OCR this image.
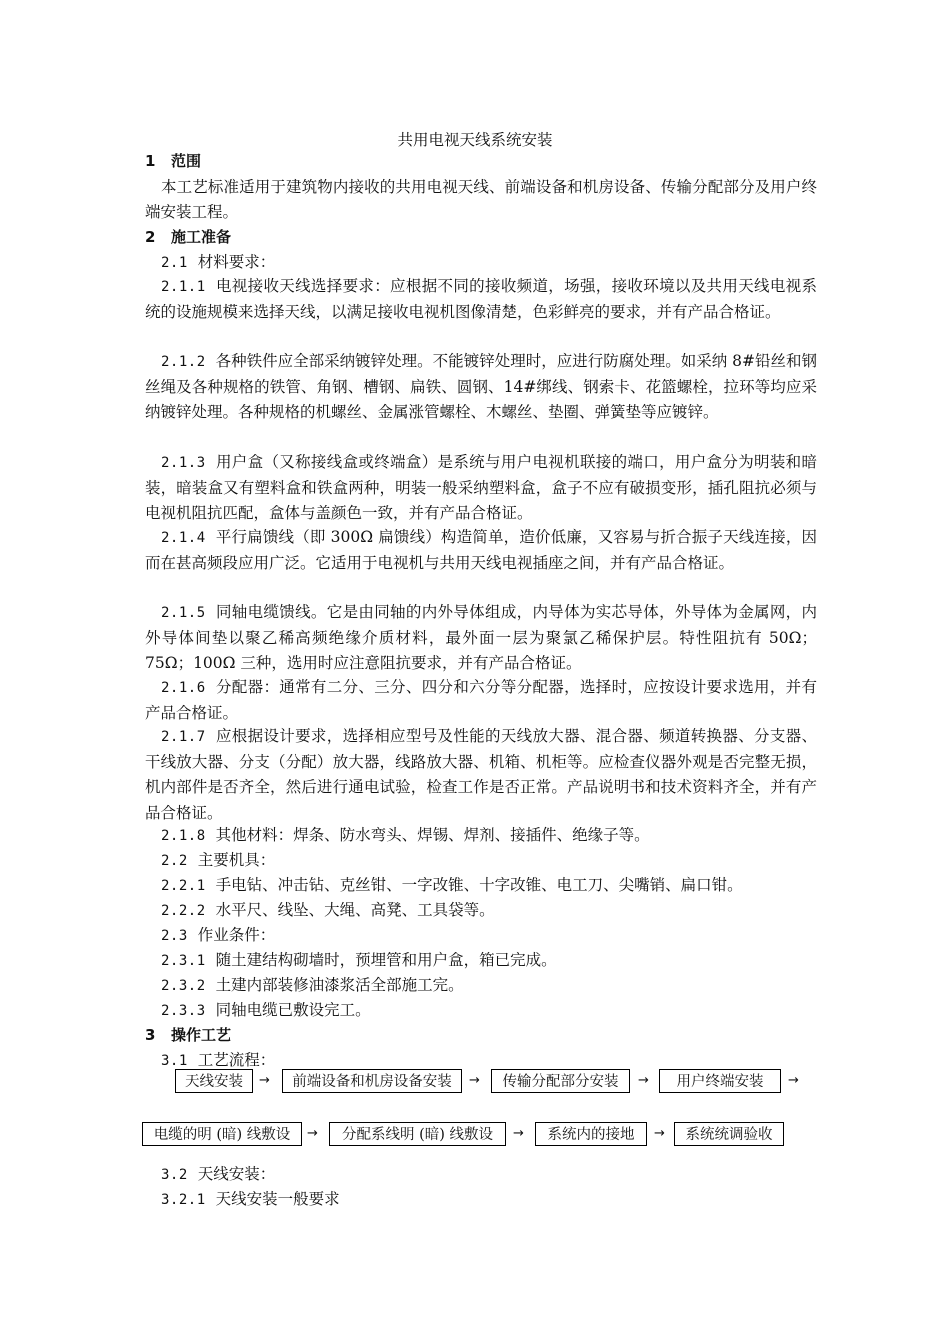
共用电视天线系统安装
1 范围
本工艺标准适用于建筑物内接收的共用电视天线、前端设备和机房设备、传输分配部分及用户终端安装工程。
2 施工准备
2.1 材料要求：
2.1.1 电视接收天线选择要求：应根据不同的接收频道，场强，接收环境以及共用天线电视系统的设施规模来选择天线，以满足接收电视机图像清楚，色彩鲜亮的要求，并有产品合格证。
2.1.2 各种铁件应全部采纳镀锌处理。不能镀锌处理时，应进行防腐处理。如采纳 8#铅丝和钢丝绳及各种规格的铁管、角钢、槽钢、扁铁、圆钢、14#绑线、钢索卡、花篮螺栓，拉环等均应采纳镀锌处理。各种规格的机螺丝、金属涨管螺栓、木螺丝、垫圈、弹簧垫等应镀锌。
2.1.3 用户盒（又称接线盒或终端盒）是系统与用户电视机联接的端口，用户盒分为明装和暗装，暗装盒又有塑料盒和铁盒两种，明装一般采纳塑料盒，盒子不应有破损变形，插孔阻抗必须与电视机阻抗匹配，盒体与盖颜色一致，并有产品合格证。
2.1.4 平行扁馈线（即 300Ω 扁馈线）构造简单，造价低廉，又容易与折合振子天线连接，因而在甚高频段应用广泛。它适用于电视机与共用天线电视插座之间，并有产品合格证。
2.1.5 同轴电缆馈线。它是由同轴的内外导体组成，内导体为实芯导体，外导体为金属网，内外导体间垫以聚乙稀高频绝缘介质材料，最外面一层为聚氯乙稀保护层。特性阻抗有 50Ω；75Ω；100Ω 三种，选用时应注意阻抗要求，并有产品合格证。
2.1.6 分配器：通常有二分、三分、四分和六分等分配器，选择时，应按设计要求选用，并有产品合格证。
2.1.7 应根据设计要求，选择相应型号及性能的天线放大器、混合器、频道转换器、分支器、干线放大器、分支（分配）放大器，线路放大器、机箱、机柜等。应检查仪器外观是否完整无损，机内部件是否齐全，然后进行通电试验，检查工作是否正常。产品说明书和技术资料齐全，并有产品合格证。
2.1.8 其他材料：焊条、防水弯头、焊锡、焊剂、接插件、绝缘子等。
2.2 主要机具：
2.2.1 手电钻、冲击钻、克丝钳、一字改锥、十字改锥、电工刀、尖嘴销、扁口钳。
2.2.2 水平尺、线坠、大绳、高凳、工具袋等。
2.3 作业条件：
2.3.1 随土建结构砌墙时，预埋管和用户盒，箱已完成。
2.3.2 土建内部装修油漆浆活全部施工完。
2.3.3 同轴电缆已敷设完工。
3 操作工艺
3.1 工艺流程：
天线安装	→	前端设备和机房设备安装	→	传输分配部分安装	→	用户终端安装	→
电缆的明 (暗) 线敷设	→	分配系线明 (暗) 线敷设	→	系统内的接地	→	系统统调验收
3.2 天线安装：
3.2.1 天线安装一般要求
